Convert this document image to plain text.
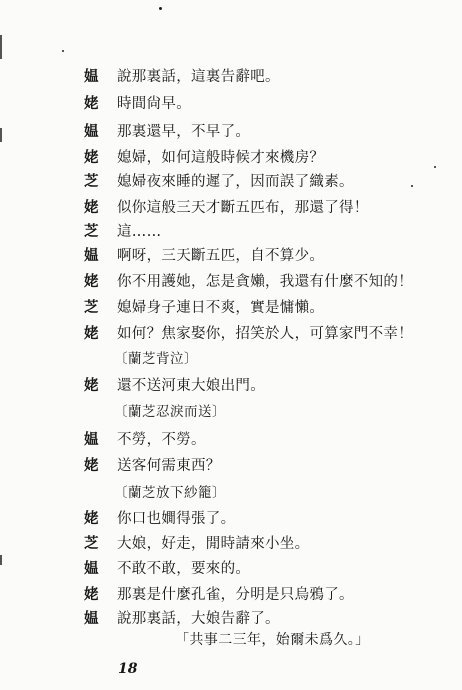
媪	說那裏話，這裏告辭吧。
姥	時間尙早。
媪	那裏還早，不早了。
姥	媳婦，如何這般時候才來機房？
芝	媳婦夜來睡的遲了，因而誤了織素。
姥	似你這般三天才斷五匹布，那還了得！
芝	這……
媪	啊呀，三天斷五匹，自不算少。
姥	你不用護她，怎是貪嬾，我還有什麼不知的！
芝	媳婦身子連日不爽，實是慵懶。
姥	如何？焦家娶你，招笑於人，可算家門不幸！
〔蘭芝背泣〕
姥	還不送河東大娘出門。
〔蘭芝忍淚而送〕
媪	不勞，不勞。
姥	送客何需東西？
〔蘭芝放下紗籠〕
姥	你口也嫺得張了。
芝	大娘，好走，閒時請來小坐。
媪	不敢不敢，要來的。
姥	那裏是什麼孔雀，分明是只烏鴉了。
媪	說那裏話，大娘告辭了。
「共事二三年，始爾未爲久。」
18
